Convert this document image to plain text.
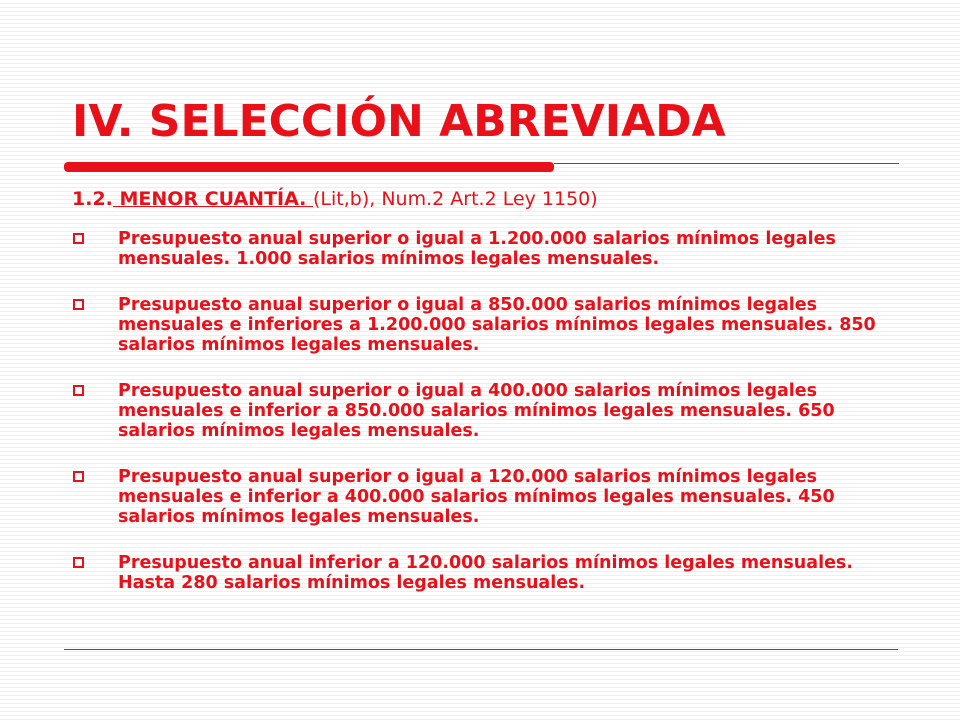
IV. SELECCIÓN ABREVIADA
1.2. MENOR CUANTÍA. (Lit,b), Num.2 Art.2 Ley 1150)
Presupuesto anual superior o igual a 1.200.000 salarios mínimos legales mensuales. 1.000 salarios mínimos legales mensuales.
Presupuesto anual superior o igual a 850.000 salarios mínimos legales mensuales e inferiores a 1.200.000 salarios mínimos legales mensuales. 850 salarios mínimos legales mensuales.
Presupuesto anual superior o igual a 400.000 salarios mínimos legales mensuales e inferior a 850.000 salarios mínimos legales mensuales. 650 salarios mínimos legales mensuales.
Presupuesto anual superior o igual a 120.000 salarios mínimos legales mensuales e inferior a 400.000 salarios mínimos legales mensuales. 450 salarios mínimos legales mensuales.
Presupuesto anual inferior a 120.000 salarios mínimos legales mensuales. Hasta 280 salarios mínimos legales mensuales.
